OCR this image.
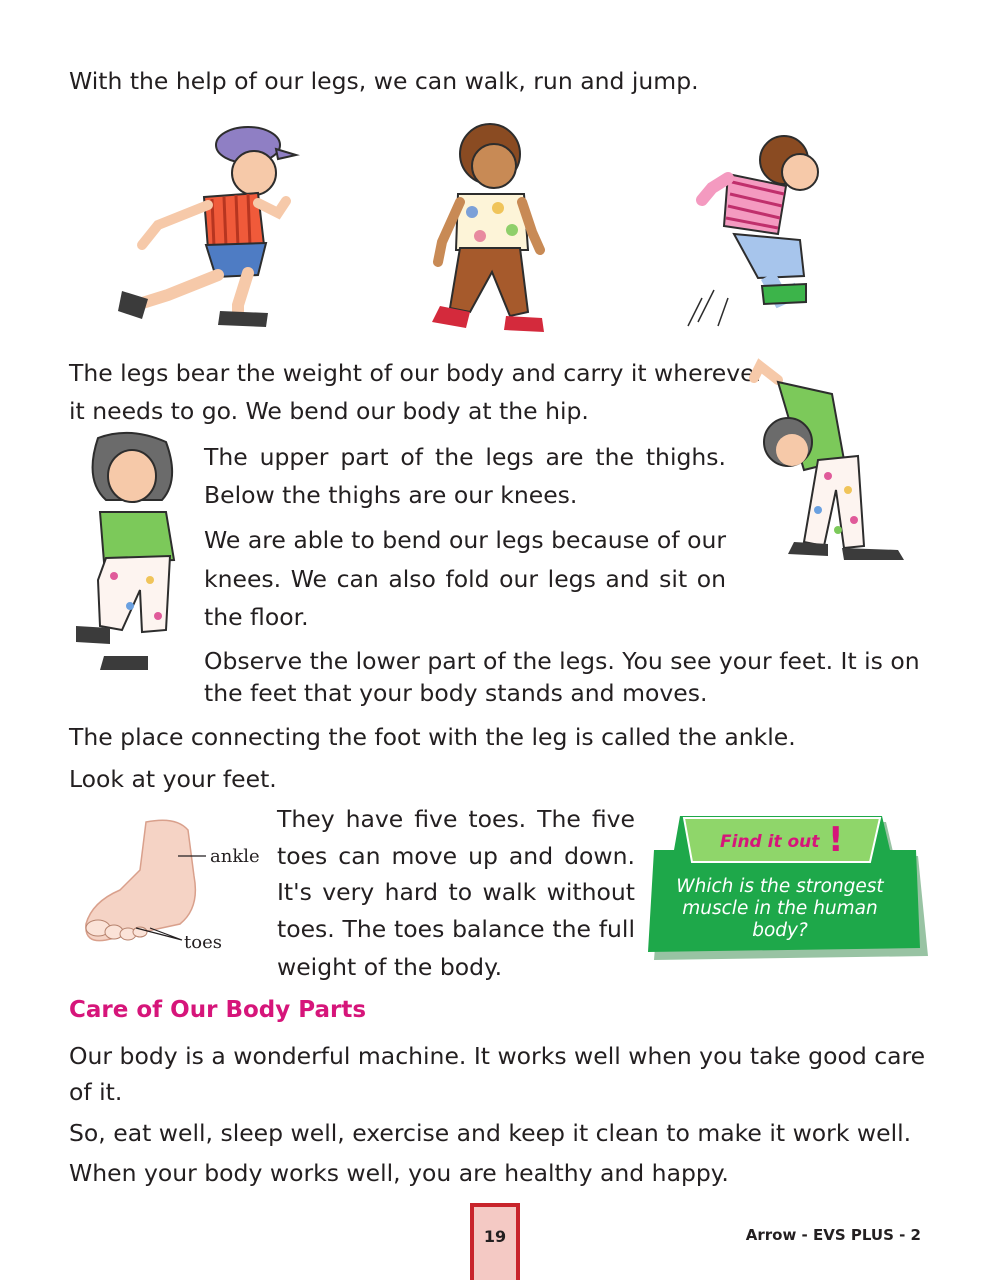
With the help of our legs, we can walk, run and jump.

The legs bear the weight of our body and carry it wherever

it needs to go. We bend our body at the hip.

The upper part of the legs are the thighs.

Below the thighs are our knees.

We are able to bend our legs because of our

knees. We can also fold our legs and sit on

the floor.

Observe the lower part of the legs. You see your feet. It is on

the feet that your body stands and moves.

The place connecting the foot with the leg is called the ankle.

Look at your feet.

ankle
toes

They have five toes. The five

toes can move up and down.

It's very hard to walk without

toes. The toes balance the full

weight of the body.

Find it out !

Which is the strongest muscle in the human body?

Care of Our Body Parts

Our body is a wonderful machine. It works well when you take good care

of it.

So, eat well, sleep well, exercise and keep it clean to make it work well.

When your body works well, you are healthy and happy.

19	Arrow - EVS PLUS - 2
